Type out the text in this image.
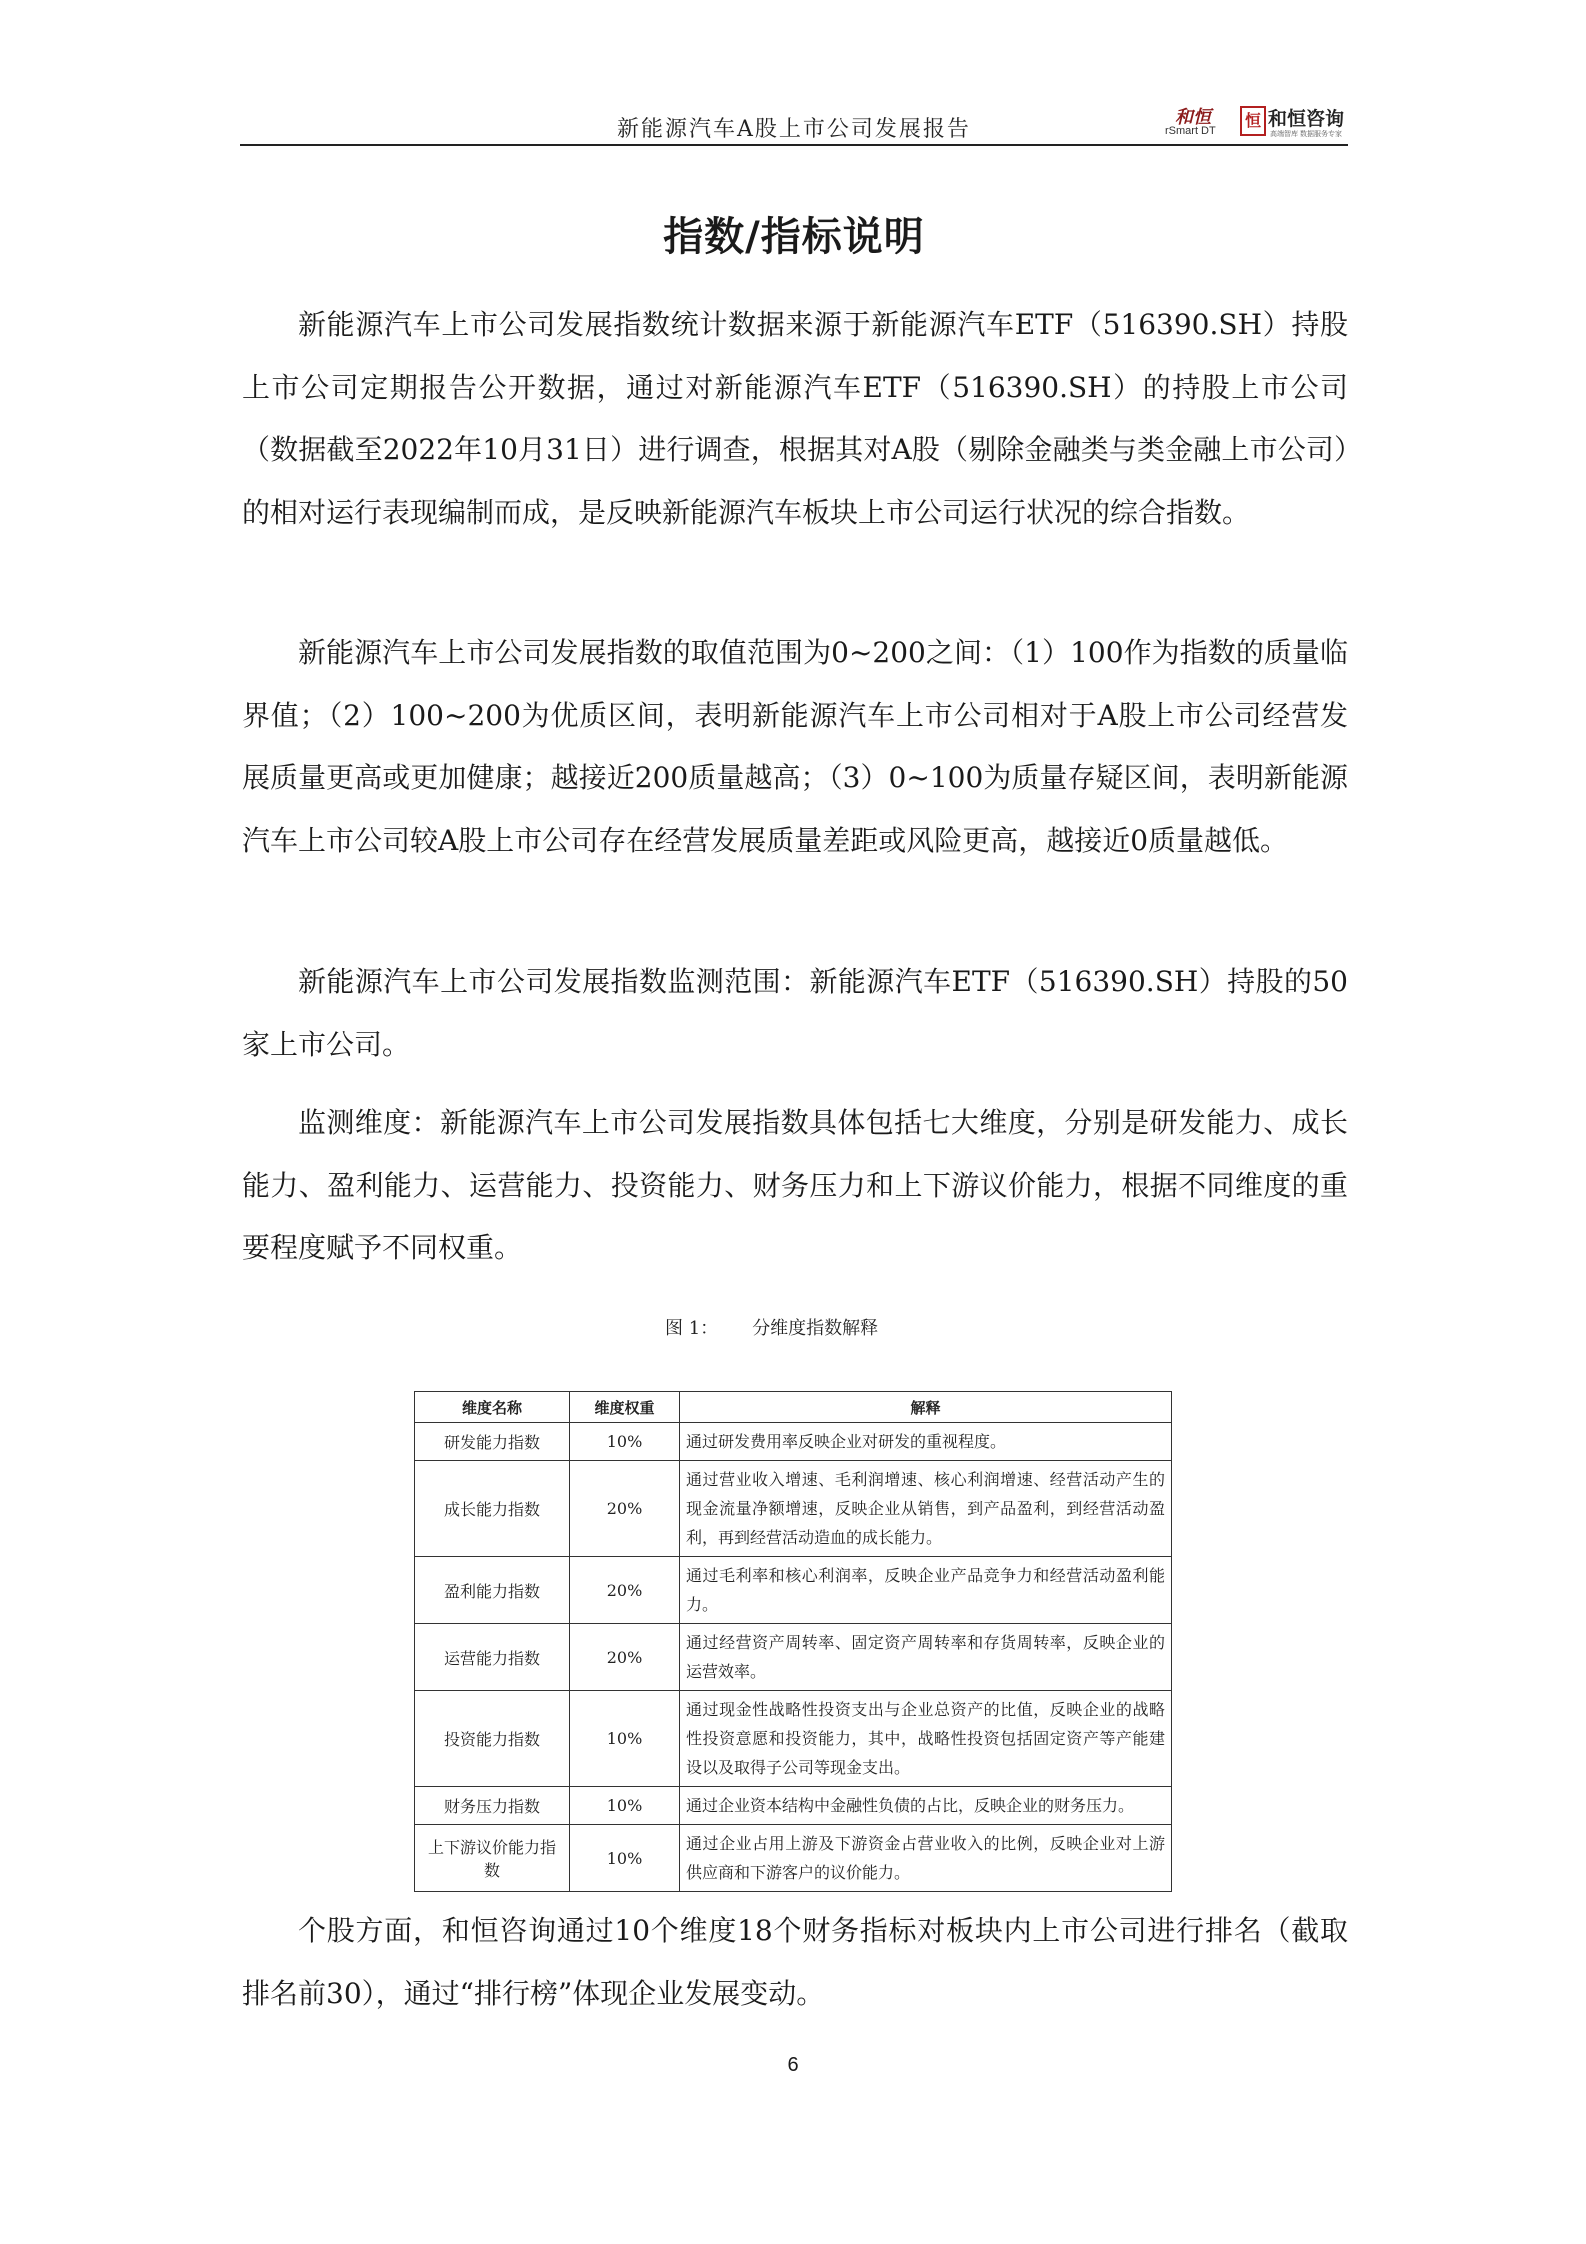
新能源汽车A股上市公司发展报告	和恒
rSmart DT
恒 和恒咨询
高端智库 数据服务专家
指数/指标说明

新能源汽车上市公司发展指数统计数据来源于新能源汽车ETF（516390.SH）持股上市公司定期报告公开数据，通过对新能源汽车ETF（516390.SH）的持股上市公司（数据截至2022年10月31日）进行调查，根据其对A股（剔除金融类与类金融上市公司）的相对运行表现编制而成，是反映新能源汽车板块上市公司运行状况的综合指数。

新能源汽车上市公司发展指数的取值范围为0~200之间：（1）100作为指数的质量临界值；（2）100~200为优质区间，表明新能源汽车上市公司相对于A股上市公司经营发展质量更高或更加健康；越接近200质量越高；（3）0~100为质量存疑区间，表明新能源汽车上市公司较A股上市公司存在经营发展质量差距或风险更高，越接近0质量越低。

新能源汽车上市公司发展指数监测范围：新能源汽车ETF（516390.SH）持股的50家上市公司。

监测维度：新能源汽车上市公司发展指数具体包括七大维度，分别是研发能力、成长能力、盈利能力、运营能力、投资能力、财务压力和上下游议价能力，根据不同维度的重要程度赋予不同权重。

图 1： 分维度指数解释
维度名称	维度权重	解释
研发能力指数	10%	通过研发费用率反映企业对研发的重视程度。
成长能力指数	20%	通过营业收入增速、毛利润增速、核心利润增速、经营活动产生的现金流量净额增速，反映企业从销售，到产品盈利，到经营活动盈利，再到经营活动造血的成长能力。
盈利能力指数	20%	通过毛利率和核心利润率，反映企业产品竞争力和经营活动盈利能力。
运营能力指数	20%	通过经营资产周转率、固定资产周转率和存货周转率，反映企业的运营效率。
投资能力指数	10%	通过现金性战略性投资支出与企业总资产的比值，反映企业的战略性投资意愿和投资能力，其中，战略性投资包括固定资产等产能建设以及取得子公司等现金支出。
财务压力指数	10%	通过企业资本结构中金融性负债的占比，反映企业的财务压力。
上下游议价能力指数	10%	通过企业占用上游及下游资金占营业收入的比例，反映企业对上游供应商和下游客户的议价能力。

个股方面，和恒咨询通过10个维度18个财务指标对板块内上市公司进行排名（截取排名前30），通过“排行榜”体现企业发展变动。

6
